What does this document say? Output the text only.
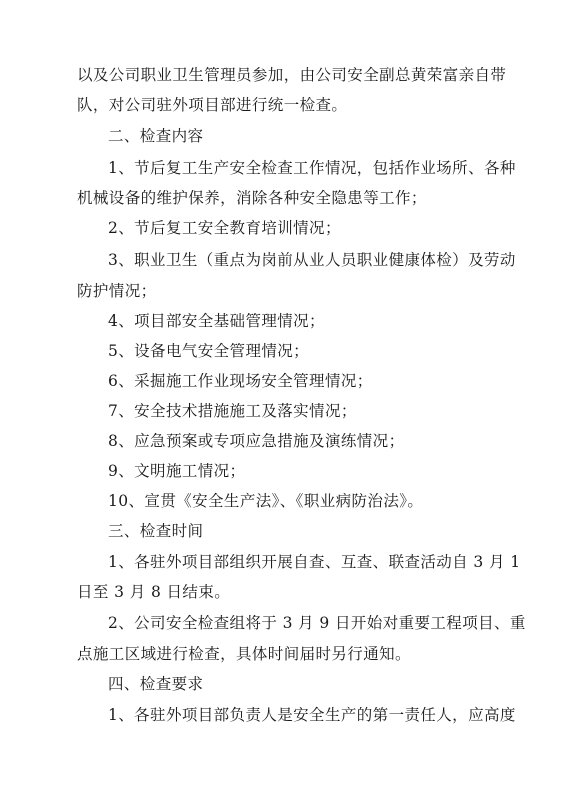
以及公司职业卫生管理员参加，由公司安全副总黄荣富亲自带
队，对公司驻外项目部进行统一检查。
二、检查内容
1、节后复工生产安全检查工作情况，包括作业场所、各种
机械设备的维护保养，消除各种安全隐患等工作；
2、节后复工安全教育培训情况；
3、职业卫生（重点为岗前从业人员职业健康体检）及劳动
防护情况；
4、项目部安全基础管理情况；
5、设备电气安全管理情况；
6、采掘施工作业现场安全管理情况；
7、安全技术措施施工及落实情况；
8、应急预案或专项应急措施及演练情况；
9、文明施工情况；
10、宣贯《安全生产法》、《职业病防治法》。
三、检查时间
1、各驻外项目部组织开展自查、互查、联查活动自 3 月 1
日至 3 月 8 日结束。
2、公司安全检查组将于 3 月 9 日开始对重要工程项目、重
点施工区域进行检查，具体时间届时另行通知。
四、检查要求
1、各驻外项目部负责人是安全生产的第一责任人，应高度
